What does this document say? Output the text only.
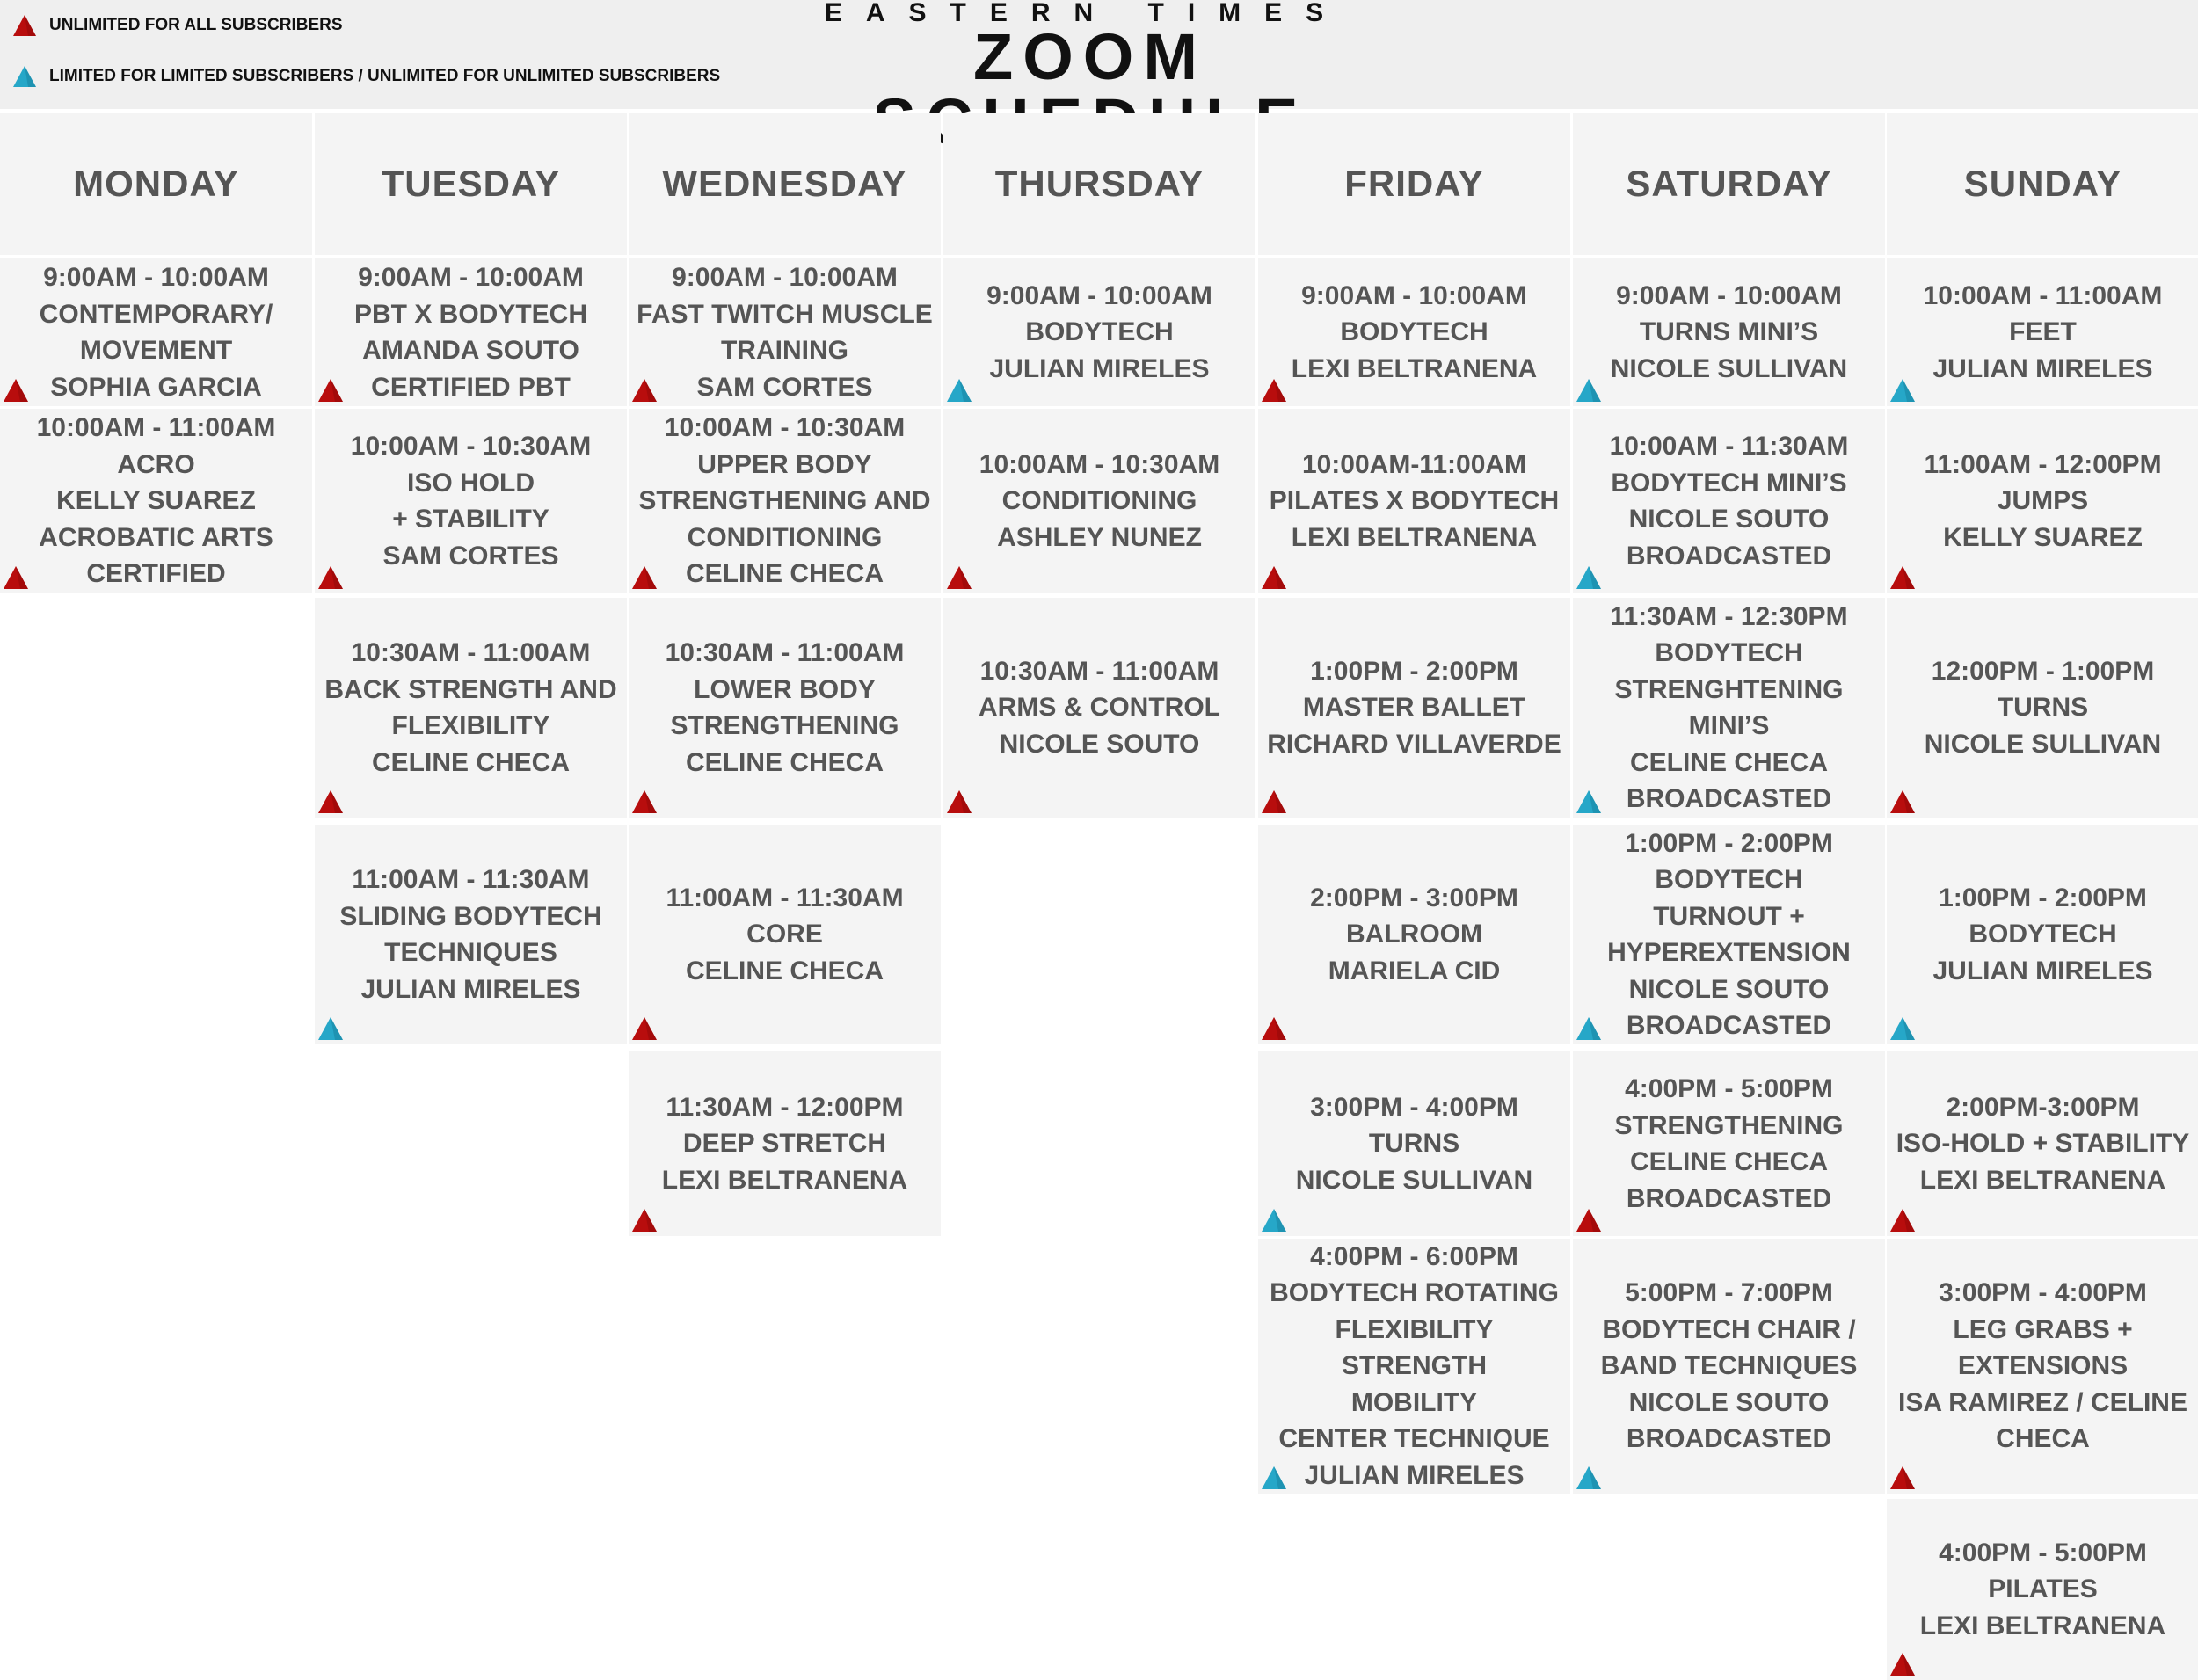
UNLIMITED FOR ALL SUBSCRIBERS
LIMITED FOR LIMITED SUBSCRIBERS / UNLIMITED FOR UNLIMITED SUBSCRIBERS
EASTERN TIMES
ZOOM
MONDAY
9:00AM - 10:00AM
CONTEMPORARY/
MOVEMENT
SOPHIA GARCIA
10:00AM - 11:00AM
ACRO
KELLY SUAREZ
ACROBATIC ARTS
CERTIFIED
TUESDAY
9:00AM - 10:00AM
PBT X BODYTECH
AMANDA SOUTO
CERTIFIED PBT
10:00AM - 10:30AM
ISO HOLD
+ STABILITY
SAM CORTES
10:30AM - 11:00AM
BACK STRENGTH AND
FLEXIBILITY
CELINE CHECA
11:00AM - 11:30AM
SLIDING BODYTECH
TECHNIQUES
JULIAN MIRELES
WEDNESDAY
9:00AM - 10:00AM
FAST TWITCH MUSCLE
TRAINING
SAM CORTES
10:00AM - 10:30AM
UPPER BODY
STRENGTHENING AND
CONDITIONING
CELINE CHECA
10:30AM - 11:00AM
LOWER BODY
STRENGTHENING
CELINE CHECA
11:00AM - 11:30AM
CORE
CELINE CHECA
11:30AM - 12:00PM
DEEP STRETCH
LEXI BELTRANENA
THURSDAY
9:00AM - 10:00AM
BODYTECH
JULIAN MIRELES
10:00AM - 10:30AM
CONDITIONING
ASHLEY NUNEZ
10:30AM - 11:00AM
ARMS & CONTROL
NICOLE SOUTO
FRIDAY
9:00AM - 10:00AM
BODYTECH
LEXI BELTRANENA
10:00AM-11:00AM
PILATES X BODYTECH
LEXI BELTRANENA
1:00PM - 2:00PM
MASTER BALLET
RICHARD VILLAVERDE
2:00PM - 3:00PM
BALROOM
MARIELA CID
3:00PM - 4:00PM
TURNS
NICOLE SULLIVAN
4:00PM - 6:00PM
BODYTECH ROTATING
FLEXIBILITY
STRENGTH
MOBILITY
CENTER TECHNIQUE
JULIAN MIRELES
SATURDAY
9:00AM - 10:00AM
TURNS MINI’S
NICOLE SULLIVAN
10:00AM - 11:30AM
BODYTECH MINI’S
NICOLE SOUTO
BROADCASTED
11:30AM - 12:30PM
BODYTECH
STRENGHTENING
MINI’S
CELINE CHECA
BROADCASTED
1:00PM - 2:00PM
BODYTECH
TURNOUT +
HYPEREXTENSION
NICOLE SOUTO
BROADCASTED
4:00PM - 5:00PM
STRENGTHENING
CELINE CHECA
BROADCASTED
5:00PM - 7:00PM
BODYTECH CHAIR /
BAND TECHNIQUES
NICOLE SOUTO
BROADCASTED
SUNDAY
10:00AM - 11:00AM
FEET
JULIAN MIRELES
11:00AM - 12:00PM
JUMPS
KELLY SUAREZ
12:00PM - 1:00PM
TURNS
NICOLE SULLIVAN
1:00PM - 2:00PM
BODYTECH
JULIAN MIRELES
2:00PM-3:00PM
ISO-HOLD + STABILITY
LEXI BELTRANENA
3:00PM - 4:00PM
LEG GRABS +
EXTENSIONS
ISA RAMIREZ / CELINE
CHECA
4:00PM - 5:00PM
PILATES
LEXI BELTRANENA
